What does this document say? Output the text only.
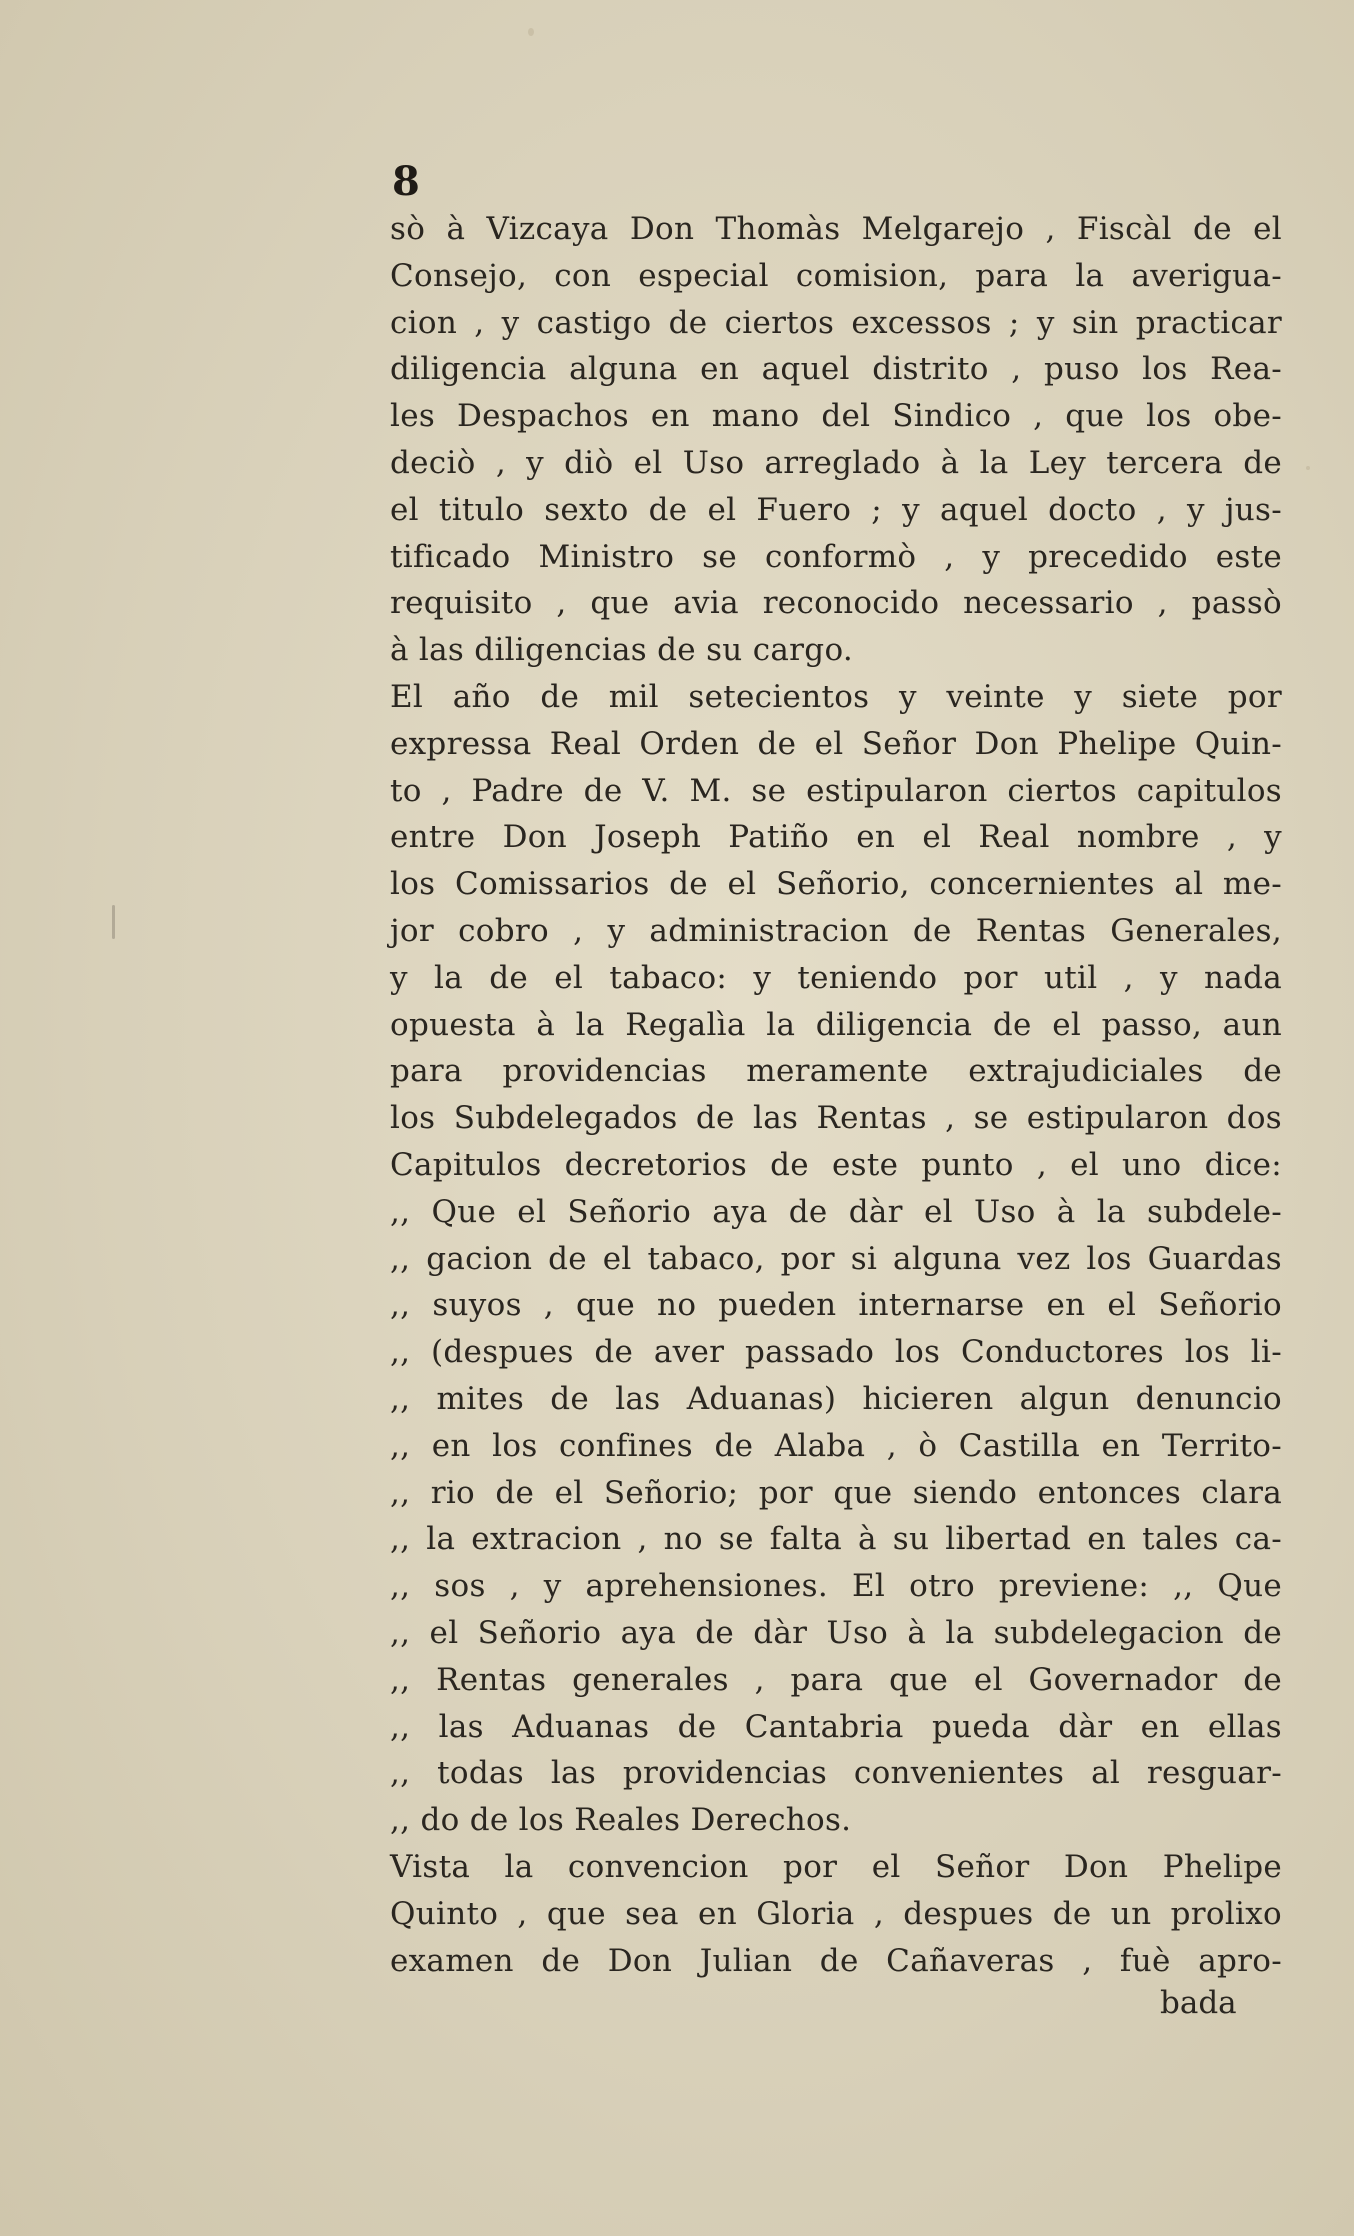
8
sò à Vizcaya Don Thomàs Melgarejo , Fiscàl de el
Consejo, con especial comision, para la averigua-
cion , y castigo de ciertos excessos ; y sin practicar
diligencia alguna en aquel distrito , puso los Rea-
les Despachos en mano del Sindico , que los obe-
deciò , y diò el Uso arreglado à la Ley tercera de
el titulo sexto de el Fuero ; y aquel docto , y jus-
tificado Ministro se conformò , y precedido este
requisito , que avia reconocido necessario , passò
à las diligencias de su cargo.
El año de mil setecientos y veinte y siete por
expressa Real Orden de el Señor Don Phelipe Quin-
to , Padre de V. M. se estipularon ciertos capitulos
entre Don Joseph Patiño en el Real nombre , y
los Comissarios de el Señorio, concernientes al me-
jor cobro , y administracion de Rentas Generales,
y la de el tabaco: y teniendo por util , y nada
opuesta à la Regalìa la diligencia de el passo, aun
para providencias meramente extrajudiciales de
los Subdelegados de las Rentas , se estipularon dos
Capitulos decretorios de este punto , el uno dice:
,, Que el Señorio aya de dàr el Uso à la subdele-
,, gacion de el tabaco, por si alguna vez los Guardas
,, suyos , que no pueden internarse en el Señorio
,, (despues de aver passado los Conductores los li-
,, mites de las Aduanas) hicieren algun denuncio
,, en los confines de Alaba , ò Castilla en Territo-
,, rio de el Señorio; por que siendo entonces clara
,, la extracion , no se falta à su libertad en tales ca-
,, sos , y aprehensiones. El otro previene: ,, Que
,, el Señorio aya de dàr Uso à la subdelegacion de
,, Rentas generales , para que el Governador de
,, las Aduanas de Cantabria pueda dàr en ellas
,, todas las providencias convenientes al resguar-
,, do de los Reales Derechos.
Vista la convencion por el Señor Don Phelipe
Quinto , que sea en Gloria , despues de un prolixo
examen de Don Julian de Cañaveras , fuè apro-
bada
